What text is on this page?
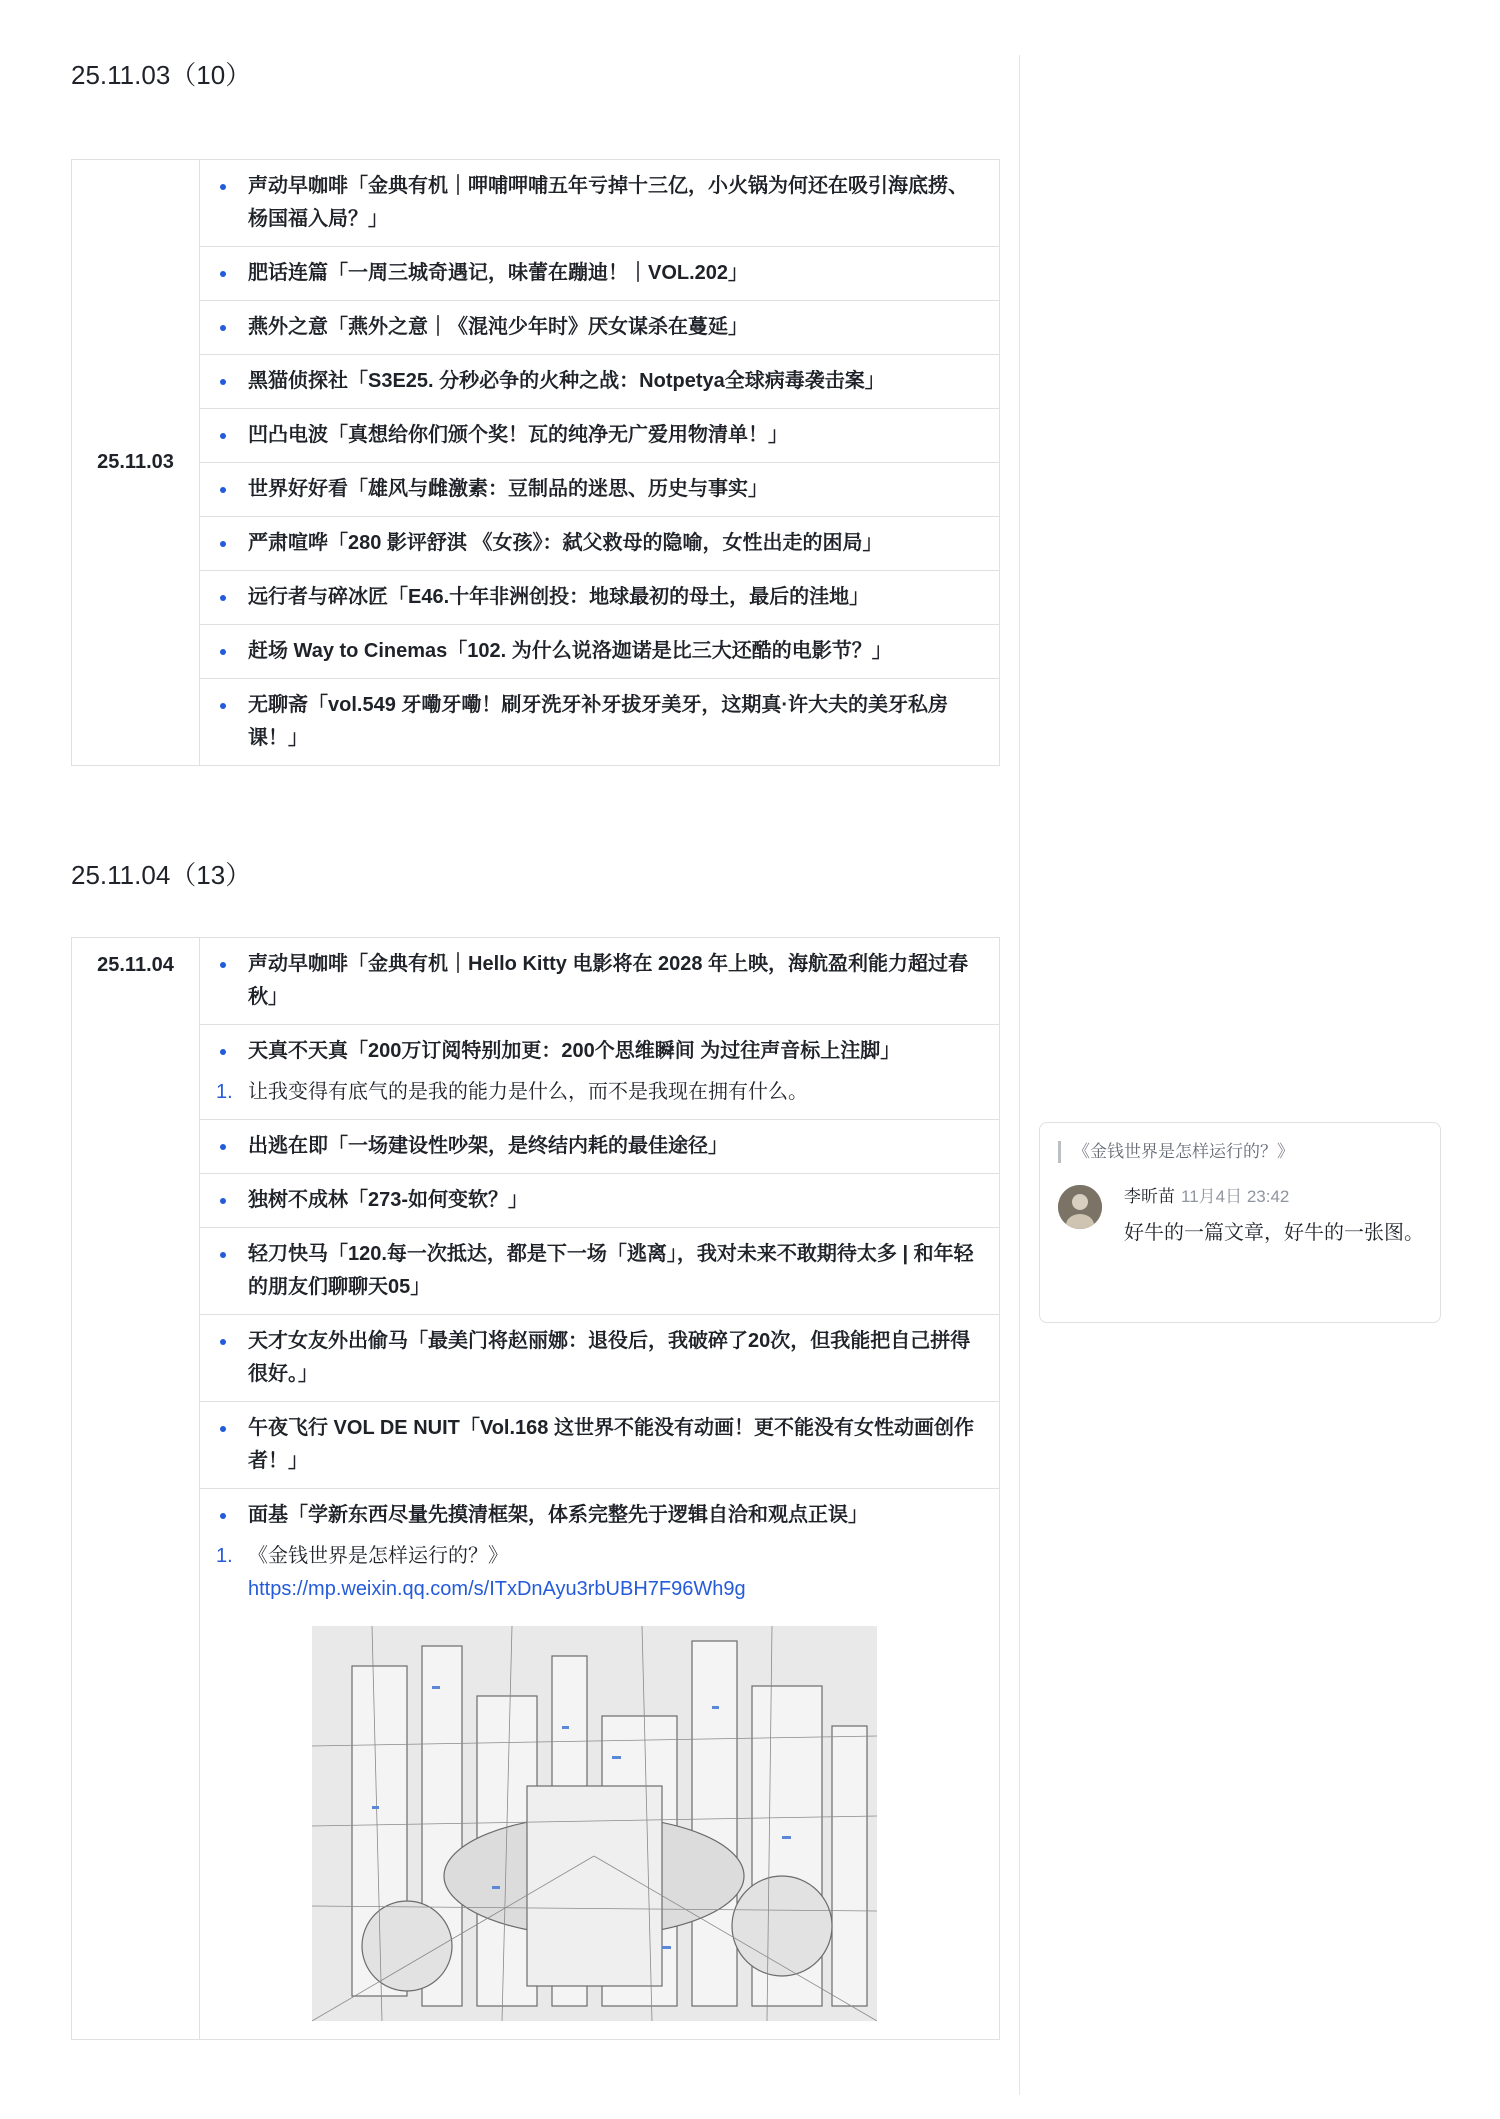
25.11.03（10）
25.11.03	
声动早咖啡「金典有机｜呷哺呷哺五年亏掉十三亿，小火锅为何还在吸引海底捞、杨国福入局？」

肥话连篇「一周三城奇遇记，味蕾在蹦迪！｜VOL.202」

燕外之意「燕外之意｜《混沌少年时》厌女谋杀在蔓延」

黑猫侦探社「S3E25. 分秒必争的火种之战：Notpetya全球病毒袭击案」

凹凸电波「真想给你们颁个奖！瓦的纯净无广爱用物清单！」

世界好好看「雄风与雌激素：豆制品的迷思、历史与事实」

严肃喧哗「280 影评舒淇 《女孩》：弑父救母的隐喻，女性出走的困局」

远行者与碎冰匠「E46.十年非洲创投：地球最初的母土，最后的洼地」

赶场 Way to Cinemas「102. 为什么说洛迦诺是比三大还酷的电影节？」

无聊斋「vol.549 牙嘞牙嘞！刷牙洗牙补牙拔牙美牙，这期真·许大夫的美牙私房课！」
25.11.04（13）
25.11.04	声动早咖啡「金典有机｜Hello Kitty 电影将在 2028 年上映，海航盈利能力超过春秋」

天真不天真「200万订阅特别加更：200个思维瞬间 为过往声音标上注脚」
1. 让我变得有底气的是我的能力是什么，而不是我现在拥有什么。

出逃在即「一场建设性吵架，是终结内耗的最佳途径」

独树不成林「273-如何变软？」

轻刀快马「120.每一次抵达，都是下一场「逃离」，我对未来不敢期待太多 | 和年轻的朋友们聊聊天05」

天才女友外出偷马「最美门将赵丽娜：退役后，我破碎了20次，但我能把自己拼得很好。」

午夜飞行 VOL DE NUIT「Vol.168 这世界不能没有动画！更不能没有女性动画创作者！」

面基「学新东西尽量先摸清框架，体系完整先于逻辑自洽和观点正误」
1. 《金钱世界是怎样运行的？》
https://mp.weixin.qq.com/s/ITxDnAyu3rbUBH7F96Wh9g
《金钱世界是怎样运行的？》
李昕苗 11月4日 23:42
好牛的一篇文章，好牛的一张图。
